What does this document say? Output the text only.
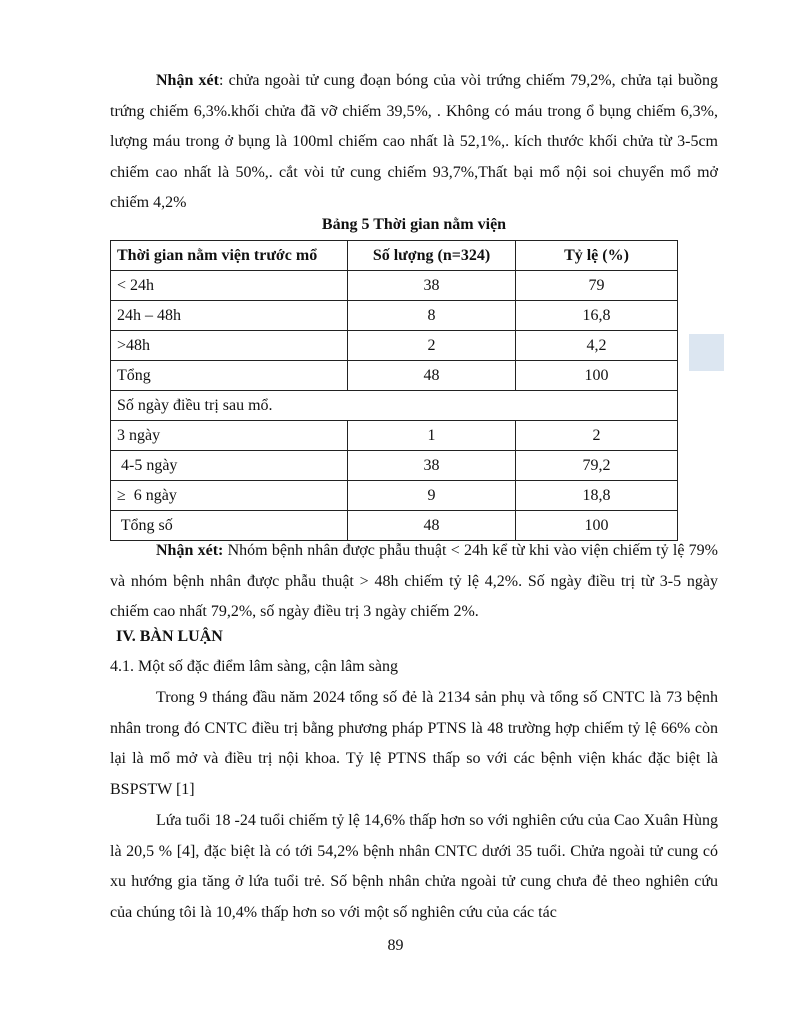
Nhận xét: chửa ngoài tử cung đoạn bóng của vòi trứng chiếm 79,2%, chửa tại buồng trứng chiếm 6,3%.khối chửa đã vỡ chiếm 39,5%, . Không có máu trong ổ bụng chiếm 6,3%, lượng máu trong ở bụng là 100ml chiếm cao nhất là 52,1%,. kích thước khối chửa từ 3-5cm chiếm cao nhất là 50%,. cắt vòi tử cung chiếm 93,7%,Thất bại mổ nội soi chuyển mổ mở chiếm 4,2%

Bảng 5 Thời gian nằm viện
Thời gian nằm viện trước mổ	Số lượng (n=324)	Tỷ lệ (%)
< 24h	38	79
24h – 48h	8	16,8
>48h	2	4,2
Tổng	48	100
Số ngày điều trị sau mổ.		
3 ngày	1	2
4-5 ngày	38	79,2
≥  6 ngày	9	18,8
Tổng số	48	100

Nhận xét: Nhóm bệnh nhân được phẫu thuật < 24h kể từ khi vào viện chiếm tỷ lệ 79% và nhóm bệnh nhân được phẫu thuật > 48h chiếm tỷ lệ 4,2%. Số ngày điều trị từ 3-5 ngày chiếm cao nhất 79,2%, số ngày điều trị 3 ngày chiếm 2%.

IV. BÀN LUẬN
4.1. Một số đặc điểm lâm sàng, cận lâm sàng

Trong 9 tháng đầu năm 2024 tổng số đẻ là 2134 sản phụ và tổng số CNTC là 73 bệnh nhân trong đó CNTC điều trị bằng phương pháp PTNS là 48 trường hợp chiếm tỷ lệ 66% còn lại là mổ mở và điều trị nội khoa. Tỷ lệ PTNS thấp so với các bệnh viện khác đặc biệt là BSPSTW [1]

Lứa tuổi 18 -24 tuổi chiếm tỷ lệ 14,6% thấp hơn so với nghiên cứu của Cao Xuân Hùng là 20,5 % [4], đặc biệt là có tới 54,2% bệnh nhân CNTC dưới 35 tuổi. Chửa ngoài tử cung có xu hướng gia tăng ở lứa tuổi trẻ. Số bệnh nhân chửa ngoài tử cung chưa đẻ theo nghiên cứu của chúng tôi là 10,4% thấp hơn so với một số nghiên cứu của các tác

89
